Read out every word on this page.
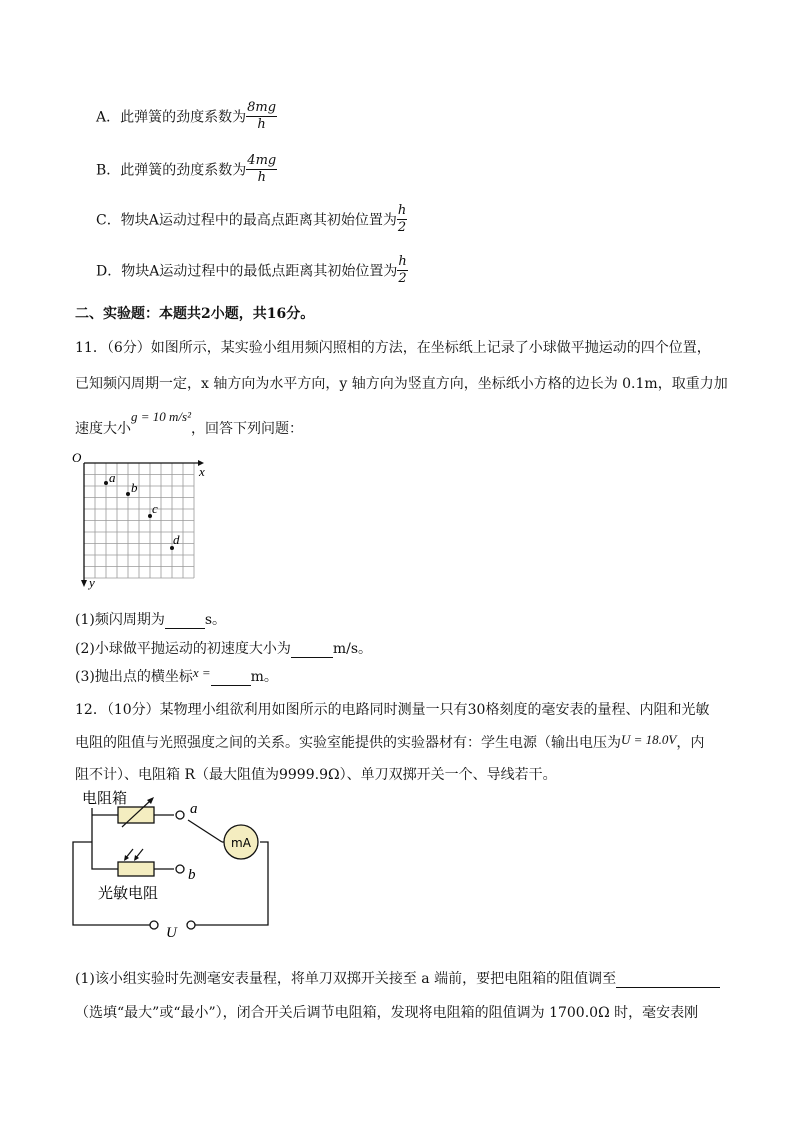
A．此弹簧的劲度系数为 $\frac{8mg}{h}$
B．此弹簧的劲度系数为 $\frac{4mg}{h}$
C．物块A运动过程中的最高点距离其初始位置为 $\frac{h}{2}$
D．物块A运动过程中的最低点距离其初始位置为 $\frac{h}{2}$
二、实验题：本题共2小题，共16分。
11．（6分）如图所示，某实验小组用频闪照相的方法，在坐标纸上记录了小球做平抛运动的四个位置，
已知频闪周期一定，x 轴方向为水平方向，y 轴方向为竖直方向，坐标纸小方格的边长为 0.1m，取重力加
速度大小g = 10 m/s²，回答下列问题：
O
x
y
a
b
c
d
(1)频闪周期为	s。
(2)小球做平抛运动的初速度大小为	m/s。
(3)抛出点的横坐标x =	m。
12．（10分）某物理小组欲利用如图所示的电路同时测量一只有30格刻度的毫安表的量程、内阻和光敏
电阻的阻值与光照强度之间的关系。实验室能提供的实验器材有：学生电源（输出电压为U = 18.0V，内
阻不计）、电阻箱 R（最大阻值为9999.9Ω）、单刀双掷开关一个、导线若干。
电阻箱
a
b
光敏电阻
mA
U
(1)该小组实验时先测毫安表量程，将单刀双掷开关接至 a 端前，要把电阻箱的阻值调至
（选填“最大”或“最小”），闭合开关后调节电阻箱，发现将电阻箱的阻值调为 1700.0Ω 时，毫安表刚
